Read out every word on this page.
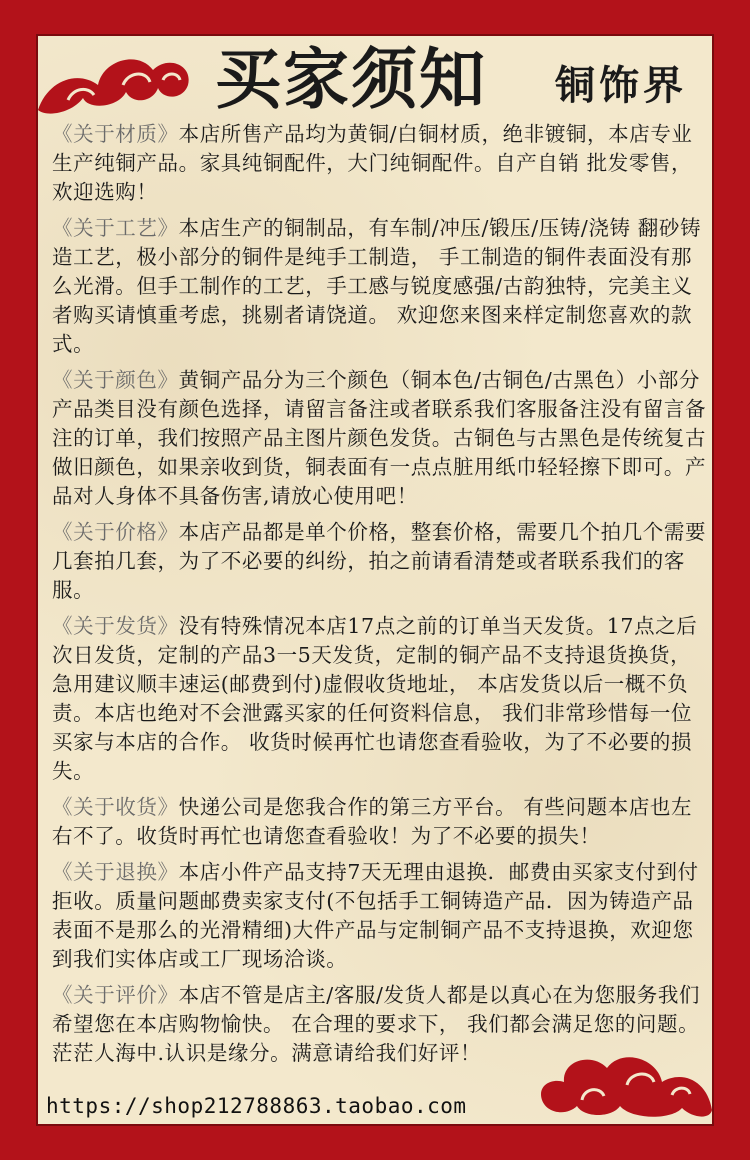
买家须知 铜饰界

《关于材质》本店所售产品均为黄铜/白铜材质，绝非镀铜，本店专业生产纯铜产品。家具纯铜配件，大门纯铜配件。自产自销 批发零售，欢迎选购！

《关于工艺》本店生产的铜制品，有车制/冲压/锻压/压铸/浇铸 翻砂铸造工艺，极小部分的铜件是纯手工制造， 手工制造的铜件表面没有那么光滑。但手工制作的工艺，手工感与锐度感强/古韵独特，完美主义者购买请慎重考虑，挑剔者请饶道。 欢迎您来图来样定制您喜欢的款式。

《关于颜色》黄铜产品分为三个颜色（铜本色/古铜色/古黑色）小部分产品类目没有颜色选择，请留言备注或者联系我们客服备注没有留言备注的订单，我们按照产品主图片颜色发货。古铜色与古黑色是传统复古做旧颜色，如果亲收到货，铜表面有一点点脏用纸巾轻轻擦下即可。产品对人身体不具备伤害,请放心使用吧！

《关于价格》本店产品都是单个价格，整套价格，需要几个拍几个需要几套拍几套，为了不必要的纠纷，拍之前请看清楚或者联系我们的客服。

《关于发货》没有特殊情况本店17点之前的订单当天发货。17点之后次日发货，定制的产品3一5天发货，定制的铜产品不支持退货换货，急用建议顺丰速运(邮费到付)虚假收货地址， 本店发货以后一概不负责。本店也绝对不会泄露买家的任何资料信息， 我们非常珍惜每一位买家与本店的合作。 收货时候再忙也请您查看验收，为了不必要的损失。

《关于收货》快递公司是您我合作的第三方平台。 有些问题本店也左右不了。收货时再忙也请您查看验收！为了不必要的损失！

《关于退换》本店小件产品支持7天无理由退换．邮费由买家支付到付拒收。质量问题邮费卖家支付(不包括手工铜铸造产品．因为铸造产品表面不是那么的光滑精细)大件产品与定制铜产品不支持退换，欢迎您到我们实体店或工厂现场洽谈。

《关于评价》本店不管是店主/客服/发货人都是以真心在为您服务我们希望您在本店购物愉快。 在合理的要求下， 我们都会满足您的问题。茫茫人海中.认识是缘分。满意请给我们好评！

https://shop212788863.taobao.com
